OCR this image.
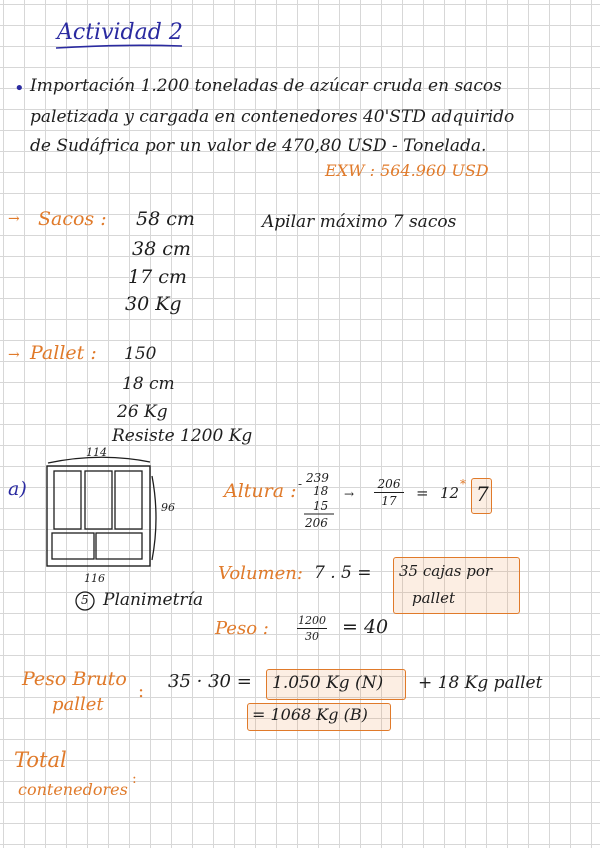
Actividad 2
• Importación 1.200 toneladas de azúcar cruda en sacos
paletizada y cargada en contenedores 40'STD adquirido
de Sudáfrica por un valor de 470,80 USD - Tonelada.
EXW : 564.960 USD
→ Sacos : 58 cm
38 cm
17 cm
30 Kg
Apilar máximo 7 sacos
→ Pallet : 150
18 cm
26 Kg
Resiste 1200 Kg
a)
114
96
116
Altura : - 239
18
15
206
→
206
17	= 12 * 7
Volumen: 7 . 5 = 35 cajas por
pallet
5 Planimetría
Peso :	1200
30	= 40
Peso Bruto
pallet
: 35 · 30 = 1.050 Kg (N) + 18 Kg pallet
= 1068 Kg (B)
Total
contenedores
:
